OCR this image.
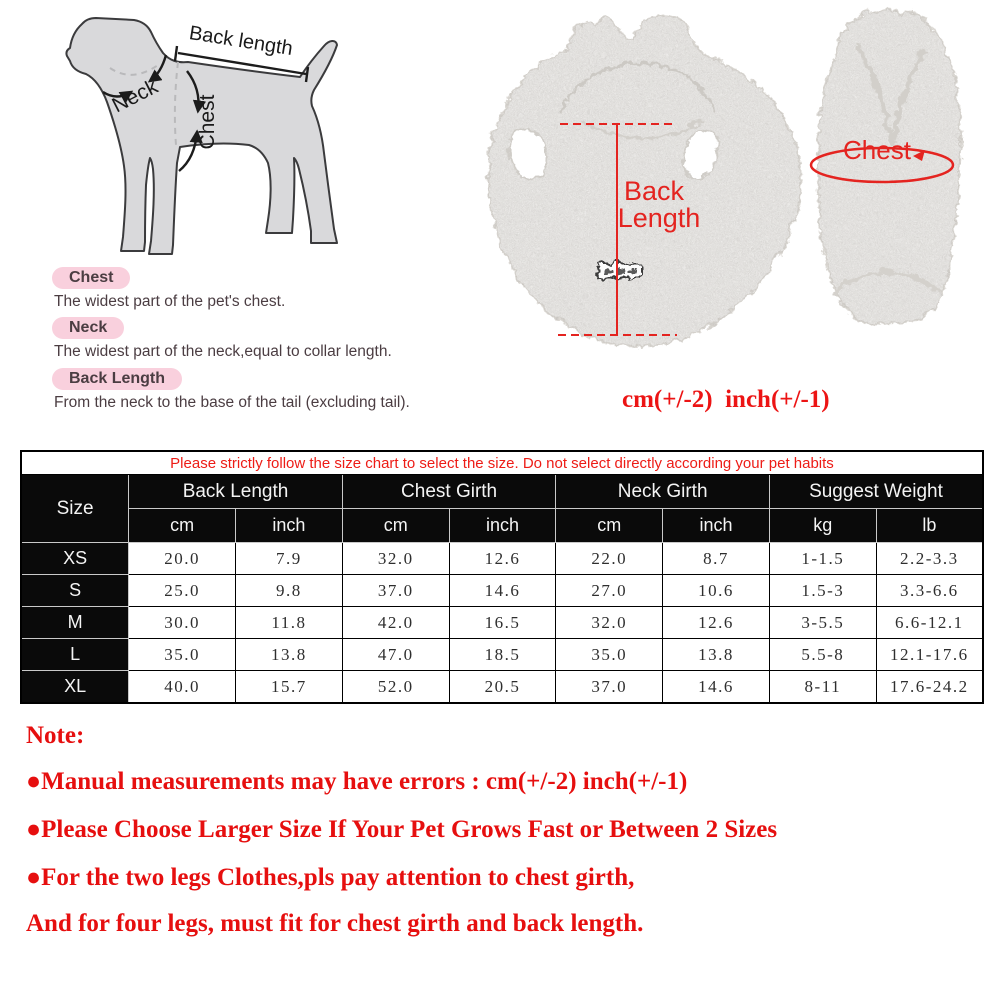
Back length
Neck Chest
Back
Length
Chest
Chest
The widest part of the pet's chest.
Neck
The widest part of the neck,equal to collar length.
Back Length
From the neck to the base of the tail (excluding tail).	cm(+/-2)  inch(+/-1)
Please strictly follow the size chart to select the size. Do not select directly according your pet habits								
Size	Back Length		Chest Girth		Neck Girth		Suggest Weight	
	cm	inch	cm	inch	cm	inch	kg	lb
XS	20.0	7.9	32.0	12.6	22.0	8.7	1-1.5	2.2-3.3
S	25.0	9.8	37.0	14.6	27.0	10.6	1.5-3	3.3-6.6
M	30.0	11.8	42.0	16.5	32.0	12.6	3-5.5	6.6-12.1
L	35.0	13.8	47.0	18.5	35.0	13.8	5.5-8	12.1-17.6
XL	40.0	15.7	52.0	20.5	37.0	14.6	8-11	17.6-24.2

Note:

●Manual measurements may have errors : cm(+/-2) inch(+/-1)

●Please Choose Larger Size If Your Pet Grows Fast or Between 2 Sizes

●For the two legs Clothes,pls pay attention to chest girth,

And for four legs, must fit for chest girth and back length.
